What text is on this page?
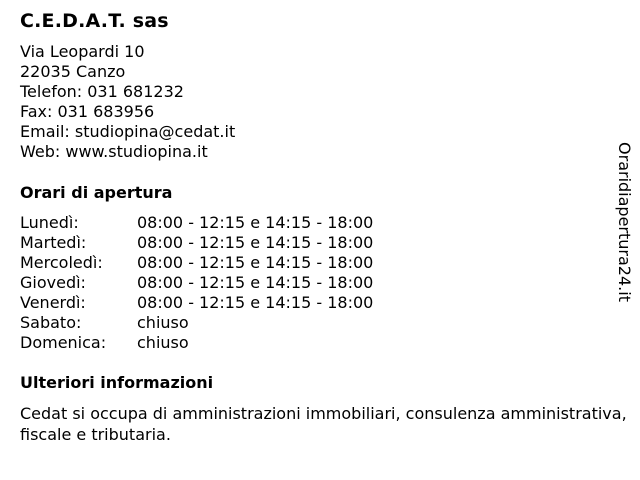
C.E.D.A.T. sas
Via Leopardi 10
22035 Canzo
Telefon: 031 681232
Fax: 031 683956
Email: studiopina@cedat.it
Web: www.studiopina.it
Orari di apertura
Lunedì:	08:00 - 12:15 e 14:15 - 18:00
Martedì:	08:00 - 12:15 e 14:15 - 18:00
Mercoledì:	08:00 - 12:15 e 14:15 - 18:00
Giovedì:	08:00 - 12:15 e 14:15 - 18:00
Venerdì:	08:00 - 12:15 e 14:15 - 18:00
Sabato:	chiuso
Domenica:	chiuso
Ulteriori informazioni
Cedat si occupa di amministrazioni immobiliari, consulenza amministrativa, fiscale e tributaria.
Oraridiapertura24.it
